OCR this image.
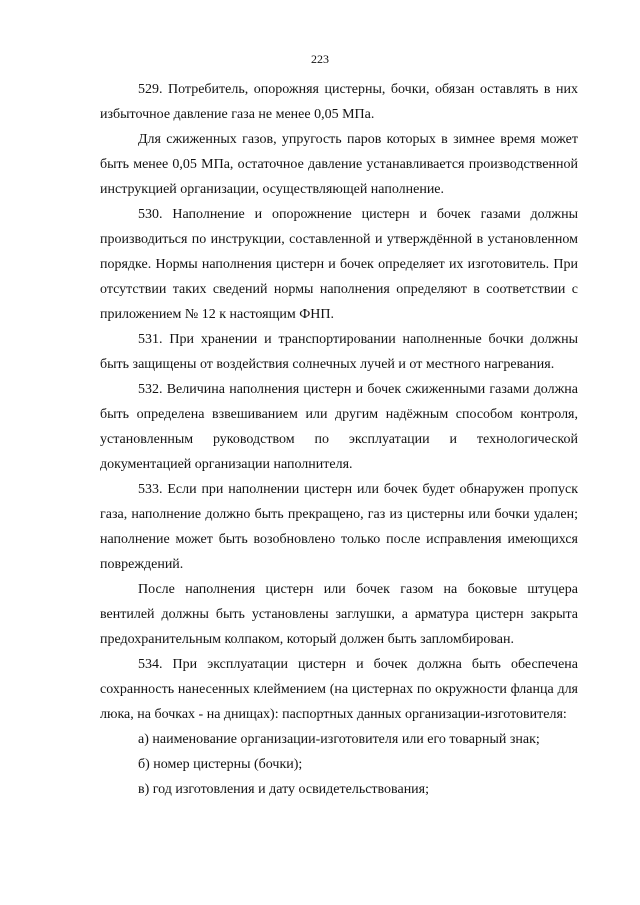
223

529. Потребитель, опорожняя цистерны, бочки, обязан оставлять в них избыточное давление газа не менее 0,05 МПа.

Для сжиженных газов, упругость паров которых в зимнее время может быть менее 0,05 МПа, остаточное давление устанавливается производственной инструкцией организации, осуществляющей наполнение.

530. Наполнение и опорожнение цистерн и бочек газами должны производиться по инструкции, составленной и утверждённой в установленном порядке. Нормы наполнения цистерн и бочек определяет их изготовитель. При отсутствии таких сведений нормы наполнения определяют в соответствии с приложением № 12 к настоящим ФНП.

531. При хранении и транспортировании наполненные бочки должны быть защищены от воздействия солнечных лучей и от местного нагревания.

532. Величина наполнения цистерн и бочек сжиженными газами должна быть определена взвешиванием или другим надёжным способом контроля, установленным руководством по эксплуатации и технологической документацией организации наполнителя.

533. Если при наполнении цистерн или бочек будет обнаружен пропуск газа, наполнение должно быть прекращено, газ из цистерны или бочки удален; наполнение может быть возобновлено только после исправления имеющихся повреждений.

После наполнения цистерн или бочек газом на боковые штуцера вентилей должны быть установлены заглушки, а арматура цистерн закрыта предохранительным колпаком, который должен быть запломбирован.

534. При эксплуатации цистерн и бочек должна быть обеспечена сохранность нанесенных клеймением (на цистернах по окружности фланца для люка, на бочках - на днищах): паспортных данных организации-изготовителя:

а) наименование организации-изготовителя или его товарный знак;

б) номер цистерны (бочки);

в) год изготовления и дату освидетельствования;
